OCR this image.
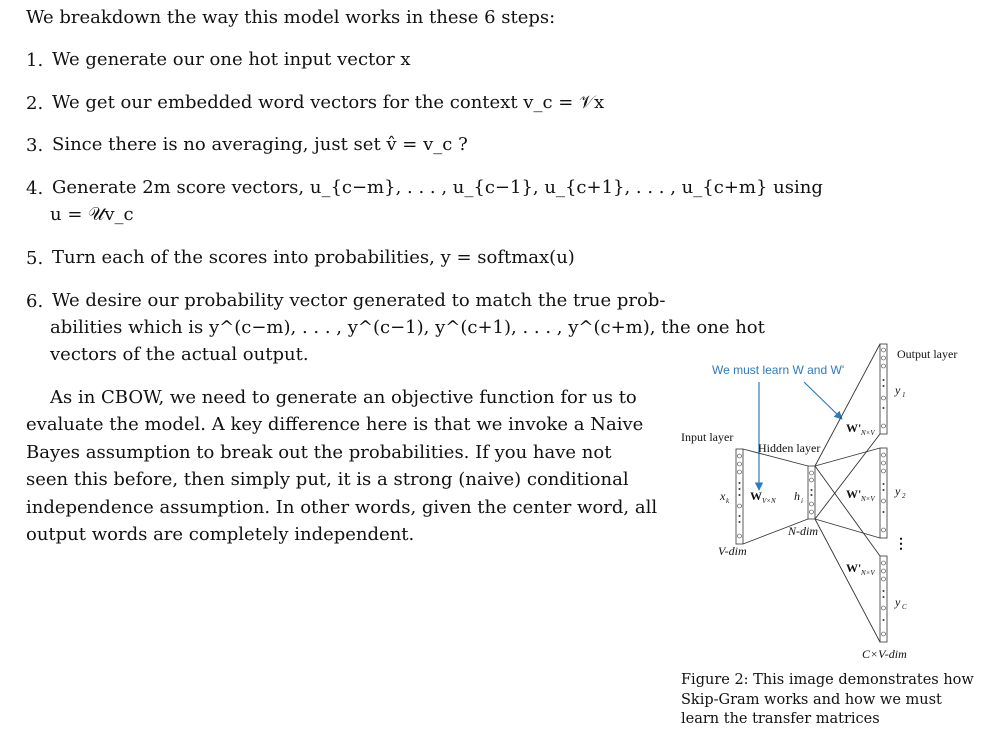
We breakdown the way this model works in these 6 steps:
1. We generate our one hot input vector x
2. We get our embedded word vectors for the context v_c = 𝒱x
3. Since there is no averaging, just set v̂ = v_c ?
4. Generate 2m score vectors, u_{c−m}, . . . , u_{c−1}, u_{c+1}, . . . , u_{c+m} using
u = 𝒰v_c
5. Turn each of the scores into probabilities, y = softmax(u)
6. We desire our probability vector generated to match the true prob-
abilities which is y^(c−m), . . . , y^(c−1), y^(c+1), . . . , y^(c+m), the one hot
vectors of the actual output.
As in CBOW, we need to generate an objective function for us to
evaluate the model. A key difference here is that we invoke a Naive
Bayes assumption to break out the probabilities. If you have not
seen this before, then simply put, it is a strong (naive) conditional
independence assumption. In other words, given the center word, all
output words are completely independent.
We must learn W and W'
Output layer
Input layer
Hidden layer
x k W V×N h i
W' N×V
W' N×V
W' N×V
y 1
y 2
⋮
y C
N-dim
V-dim
C×V-dim
Figure 2: This image demonstrates how
Skip-Gram works and how we must
learn the transfer matrices
